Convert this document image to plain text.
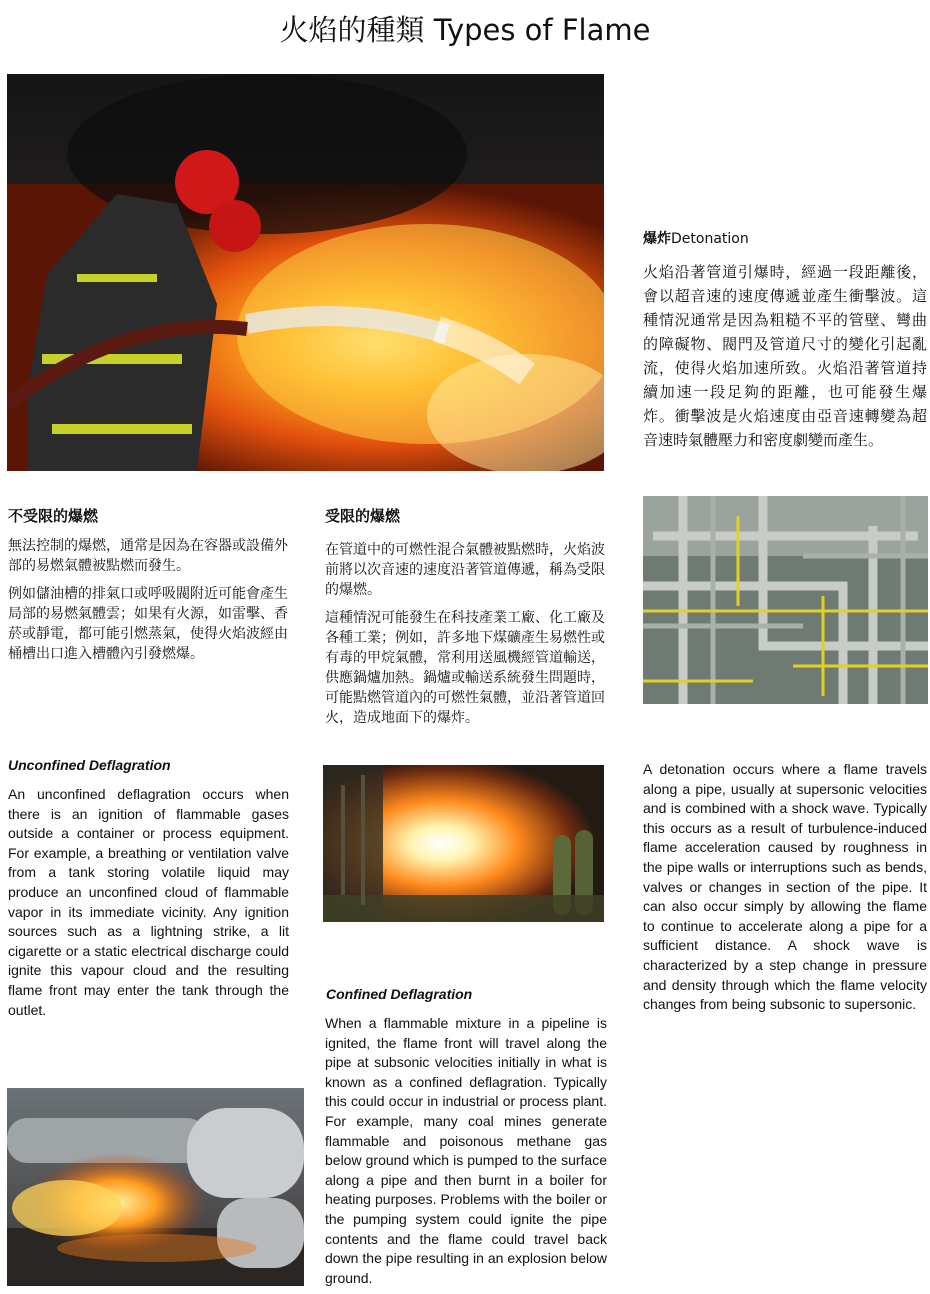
火焰的種類 Types of Flame
爆炸Detonation

火焰沿著管道引爆時，經過一段距離後，會以超音速的速度傳遞並產生衝擊波。這種情況通常是因為粗糙不平的管壁、彎曲的障礙物、閥門及管道尺寸的變化引起亂流，使得火焰加速所致。火焰沿著管道持續加速一段足夠的距離，也可能發生爆炸。衝擊波是火焰速度由亞音速轉變為超音速時氣體壓力和密度劇變而產生。

A detonation occurs where a flame travels along a pipe, usually at supersonic velocities and is combined with a shock wave. Typically this occurs as a result of turbulence-induced flame acceleration caused by roughness in the pipe walls or interruptions such as bends, valves or changes in section of the pipe. It can also occur simply by allowing the flame to continue to accelerate along a pipe for a sufficient distance. A shock wave is characterized by a step change in pressure and density through which the flame velocity changes from being subsonic to supersonic.
不受限的爆燃

無法控制的爆燃，通常是因為在容器或設備外部的易燃氣體被點燃而發生。

例如儲油槽的排氣口或呼吸閥附近可能會產生局部的易燃氣體雲；如果有火源，如雷擊、香菸或靜電，都可能引燃蒸氣，使得火焰波經由桶槽出口進入槽體內引發燃爆。

Unconfined Deflagration
An unconfined deflagration occurs when there is an ignition of flammable gases outside a container or process equipment. For example, a breathing or ventilation valve from a tank storing volatile liquid may produce an unconfined cloud of flammable vapor in its immediate vicinity. Any ignition sources such as a lightning strike, a lit cigarette or a static electrical discharge could ignite this vapour cloud and the resulting flame front may enter the tank through the outlet.
受限的爆燃

在管道中的可燃性混合氣體被點燃時，火焰波前將以次音速的速度沿著管道傳遞，稱為受限的爆燃。

這種情況可能發生在科技產業工廠、化工廠及各種工業；例如，許多地下煤礦產生易燃性或有毒的甲烷氣體，常利用送風機經管道輸送，供應鍋爐加熱。鍋爐或輸送系統發生問題時，可能點燃管道內的可燃性氣體，並沿著管道回火，造成地面下的爆炸。

Confined Deflagration
When a flammable mixture in a pipeline is ignited, the flame front will travel along the pipe at subsonic velocities initially in what is known as a confined deflagration. Typically this could occur in industrial or process plant. For example, many coal mines generate flammable and poisonous methane gas below ground which is pumped to the surface along a pipe and then burnt in a boiler for heating purposes. Problems with the boiler or the pumping system could ignite the pipe contents and the flame could travel back down the pipe resulting in an explosion below ground.
